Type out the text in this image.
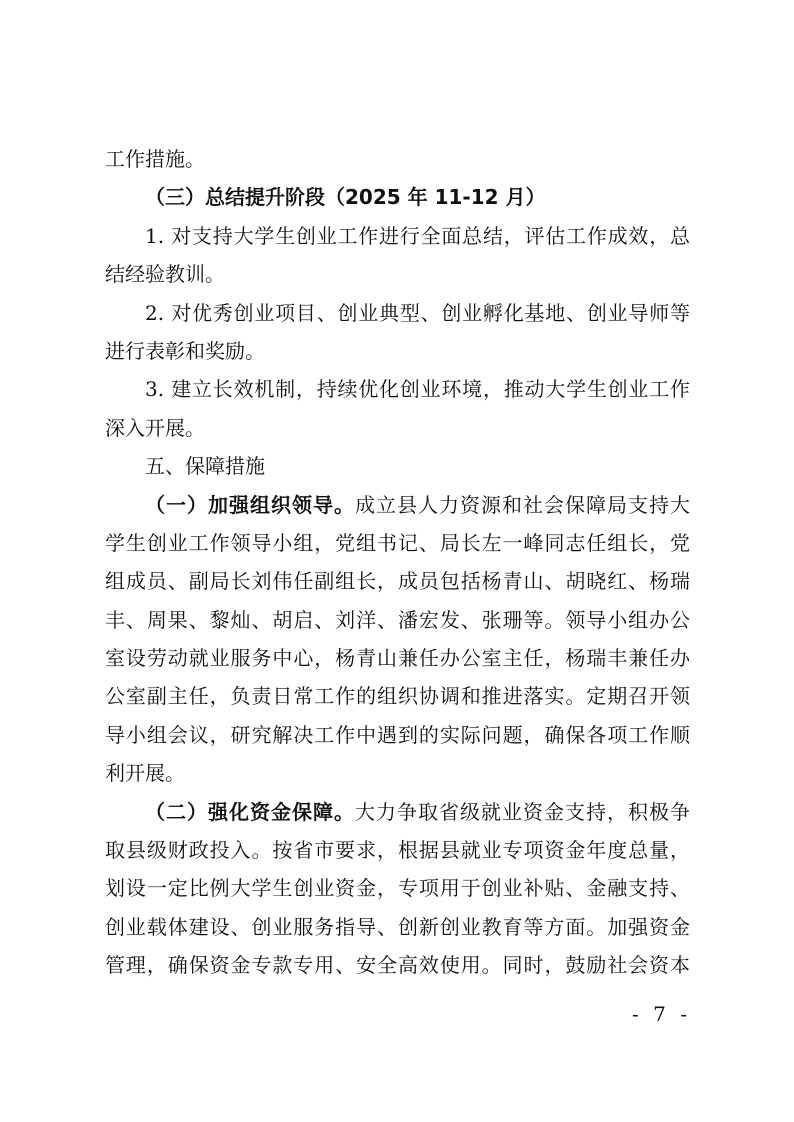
工作措施。
（三）总结提升阶段（2025 年 11-12 月）
1. 对支持大学生创业工作进行全面总结，评估工作成效，总
结经验教训。
2. 对优秀创业项目、创业典型、创业孵化基地、创业导师等
进行表彰和奖励。
3. 建立长效机制，持续优化创业环境，推动大学生创业工作
深入开展。
五、保障措施
（一）加强组织领导。成立县人力资源和社会保障局支持大
学生创业工作领导小组，党组书记、局长左一峰同志任组长，党
组成员、副局长刘伟任副组长，成员包括杨青山、胡晓红、杨瑞
丰、周果、黎灿、胡启、刘洋、潘宏发、张珊等。领导小组办公
室设劳动就业服务中心，杨青山兼任办公室主任，杨瑞丰兼任办
公室副主任，负责日常工作的组织协调和推进落实。定期召开领
导小组会议，研究解决工作中遇到的实际问题，确保各项工作顺
利开展。
（二）强化资金保障。大力争取省级就业资金支持，积极争
取县级财政投入。按省市要求，根据县就业专项资金年度总量，
划设一定比例大学生创业资金，专项用于创业补贴、金融支持、
创业载体建设、创业服务指导、创新创业教育等方面。加强资金
管理，确保资金专款专用、安全高效使用。同时，鼓励社会资本
- 7 -
